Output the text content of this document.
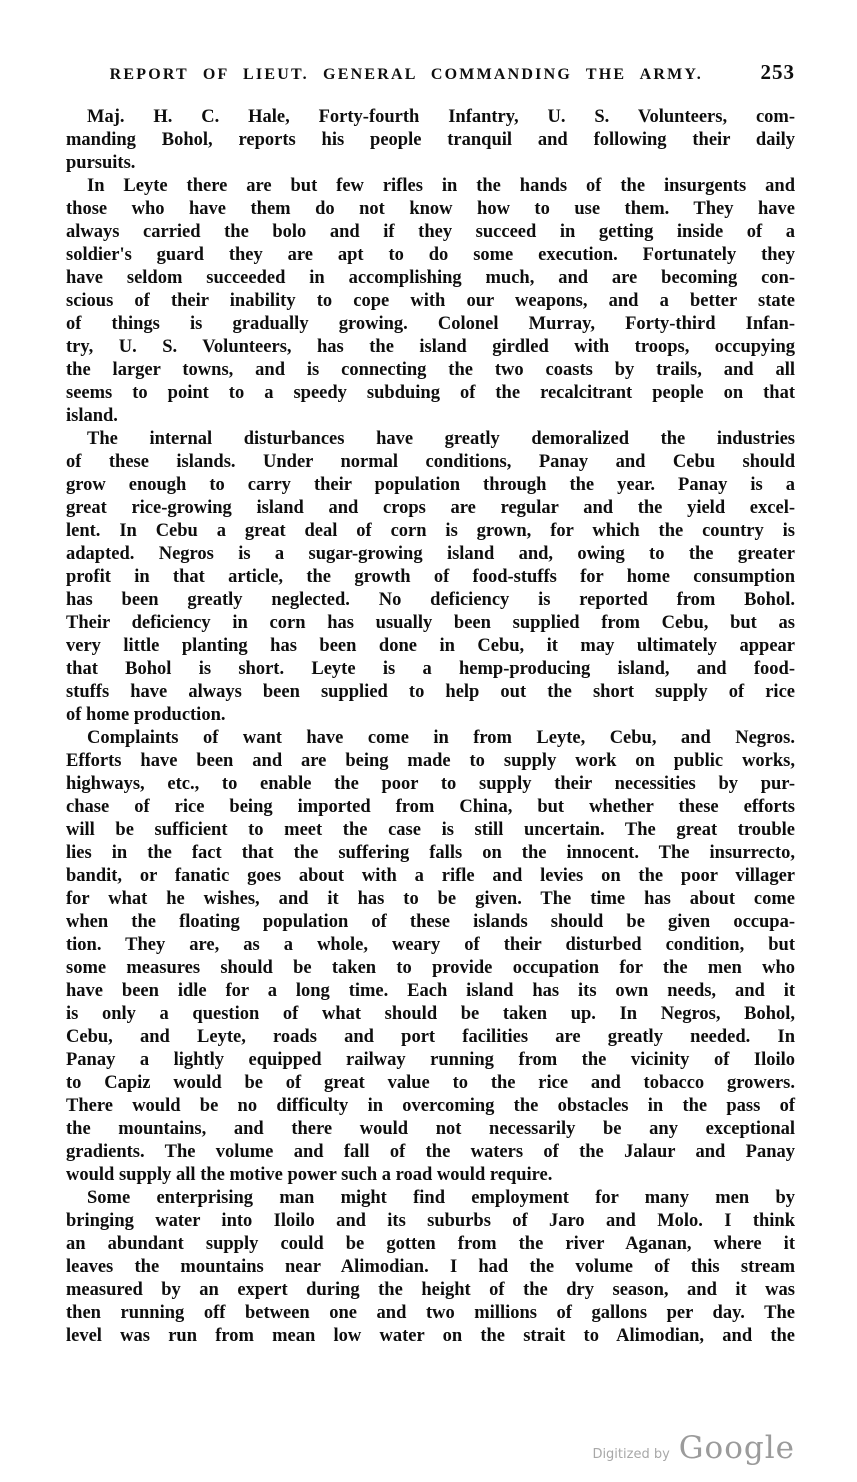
REPORT OF LIEUT. GENERAL COMMANDING THE ARMY.	253

Maj. H. C. Hale, Forty-fourth Infantry, U. S. Volunteers, com-
manding Bohol, reports his people tranquil and following their daily
pursuits.

In Leyte there are but few rifles in the hands of the insurgents and
those who have them do not know how to use them. They have
always carried the bolo and if they succeed in getting inside of a
soldier's guard they are apt to do some execution. Fortunately they
have seldom succeeded in accomplishing much, and are becoming con-
scious of their inability to cope with our weapons, and a better state
of things is gradually growing. Colonel Murray, Forty-third Infan-
try, U. S. Volunteers, has the island girdled with troops, occupying
the larger towns, and is connecting the two coasts by trails, and all
seems to point to a speedy subduing of the recalcitrant people on that
island.

The internal disturbances have greatly demoralized the industries
of these islands. Under normal conditions, Panay and Cebu should
grow enough to carry their population through the year. Panay is a
great rice-growing island and crops are regular and the yield excel-
lent. In Cebu a great deal of corn is grown, for which the country is
adapted. Negros is a sugar-growing island and, owing to the greater
profit in that article, the growth of food-stuffs for home consumption
has been greatly neglected. No deficiency is reported from Bohol.
Their deficiency in corn has usually been supplied from Cebu, but as
very little planting has been done in Cebu, it may ultimately appear
that Bohol is short. Leyte is a hemp-producing island, and food-
stuffs have always been supplied to help out the short supply of rice
of home production.

Complaints of want have come in from Leyte, Cebu, and Negros.
Efforts have been and are being made to supply work on public works,
highways, etc., to enable the poor to supply their necessities by pur-
chase of rice being imported from China, but whether these efforts
will be sufficient to meet the case is still uncertain. The great trouble
lies in the fact that the suffering falls on the innocent. The insurrecto,
bandit, or fanatic goes about with a rifle and levies on the poor villager
for what he wishes, and it has to be given. The time has about come
when the floating population of these islands should be given occupa-
tion. They are, as a whole, weary of their disturbed condition, but
some measures should be taken to provide occupation for the men who
have been idle for a long time. Each island has its own needs, and it
is only a question of what should be taken up. In Negros, Bohol,
Cebu, and Leyte, roads and port facilities are greatly needed. In
Panay a lightly equipped railway running from the vicinity of Iloilo
to Capiz would be of great value to the rice and tobacco growers.
There would be no difficulty in overcoming the obstacles in the pass of
the mountains, and there would not necessarily be any exceptional
gradients. The volume and fall of the waters of the Jalaur and Panay
would supply all the motive power such a road would require.

Some enterprising man might find employment for many men by
bringing water into Iloilo and its suburbs of Jaro and Molo. I think
an abundant supply could be gotten from the river Aganan, where it
leaves the mountains near Alimodian. I had the volume of this stream
measured by an expert during the height of the dry season, and it was
then running off between one and two millions of gallons per day. The
level was run from mean low water on the strait to Alimodian, and the

Digitized by Google
